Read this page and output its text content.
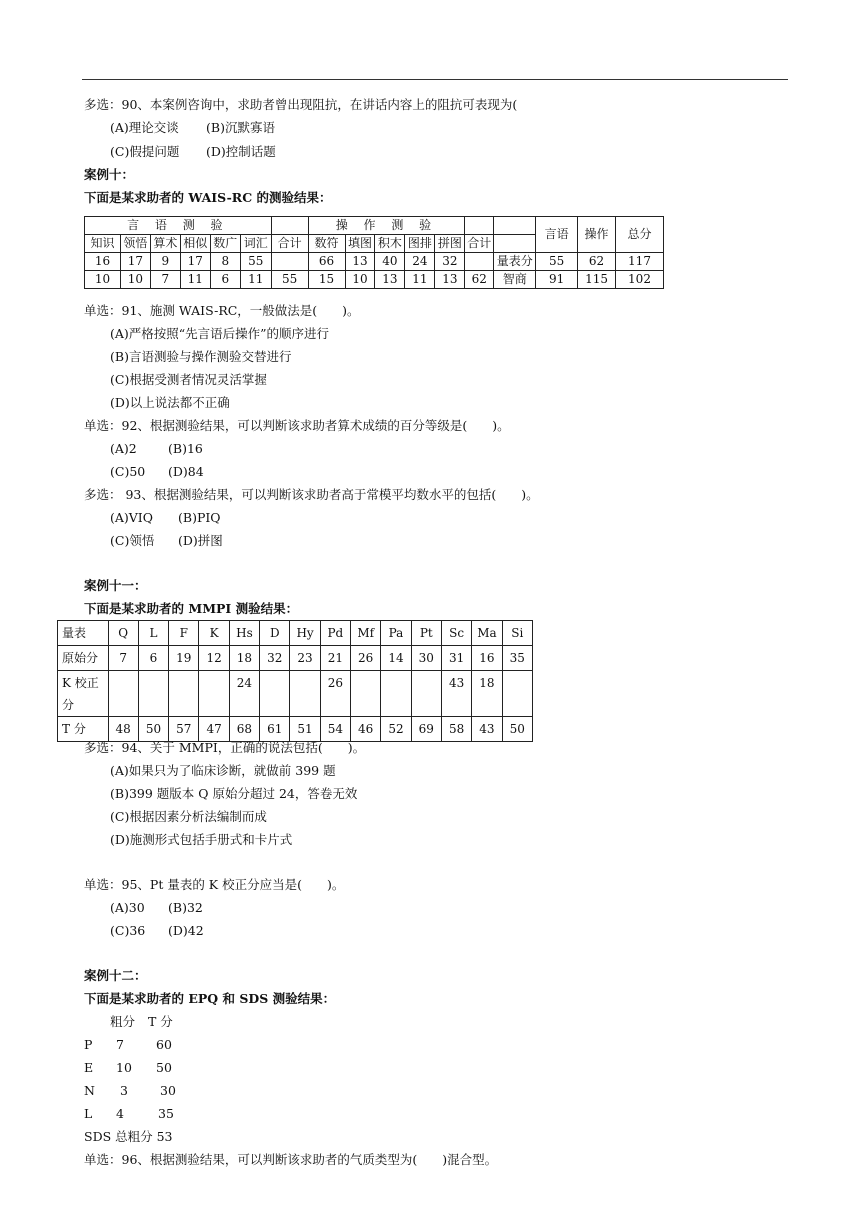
多选：90、本案例咨询中，求助者曾出现阻抗，在讲话内容上的阻抗可表现为(
(A)理论交谈 (B)沉默寡语
(C)假提问题 (D)控制话题
案例十：
下面是某求助者的 WAIS-RC 的测验结果：
言 语 测 验							操 作 测 验							言语	操作	总分
知识	领悟	算术	相似	数广	词汇	合计	数符	填图	积木	图排	拼图	合计				
16	17	9	17	8	55		66	13	40	24	32		量表分	55	62	117
10	10	7	11	6	11	55	15	10	13	11	13	62	智商	91	115	102
单选：91、施测 WAIS-RC，一般做法是(　　)。
(A)严格按照“先言语后操作”的顺序进行
(B)言语测验与操作测验交替进行
(C)根据受测者情况灵活掌握
(D)以上说法都不正确
单选：92、根据测验结果，可以判断该求助者算术成绩的百分等级是(　　)。
(A)2	(B)16
(C)50 (D)84
多选： 93、根据测验结果，可以判断该求助者高于常模平均数水平的包括(　　)。
(A)VIQ (B)PIQ
(C)领悟 (D)拼图
案例十一：
下面是某求助者的 MMPI 测验结果：
量表	Q	L	F	K	Hs	D	Hy	Pd	Mf	Pa	Pt	Sc	Ma	Si
原始分	7	6	19	12	18	32	23	21	26	14	30	31	16	35

K 校正
分					24			26				43	18	
T 分	48	50	57	47	68	61	51	54	46	52	69	58	43	50
多选：94、关于 MMPI，正确的说法包括(　　)。
(A)如果只为了临床诊断，就做前 399 题
(B)399 题版本 Q 原始分超过 24，答卷无效
(C)根据因素分析法编制而成
(D)施测形式包括手册式和卡片式
单选：95、Pt 量表的 K 校正分应当是(　　)。
(A)30 (B)32
(C)36 (D)42
案例十二：
下面是某求助者的 EPQ 和 SDS 测验结果：
粗分 T 分
P 7	60
E 10 50
N 3	30
L 4	35
SDS 总粗分 53
单选：96、根据测验结果，可以判断该求助者的气质类型为(　　)混合型。
